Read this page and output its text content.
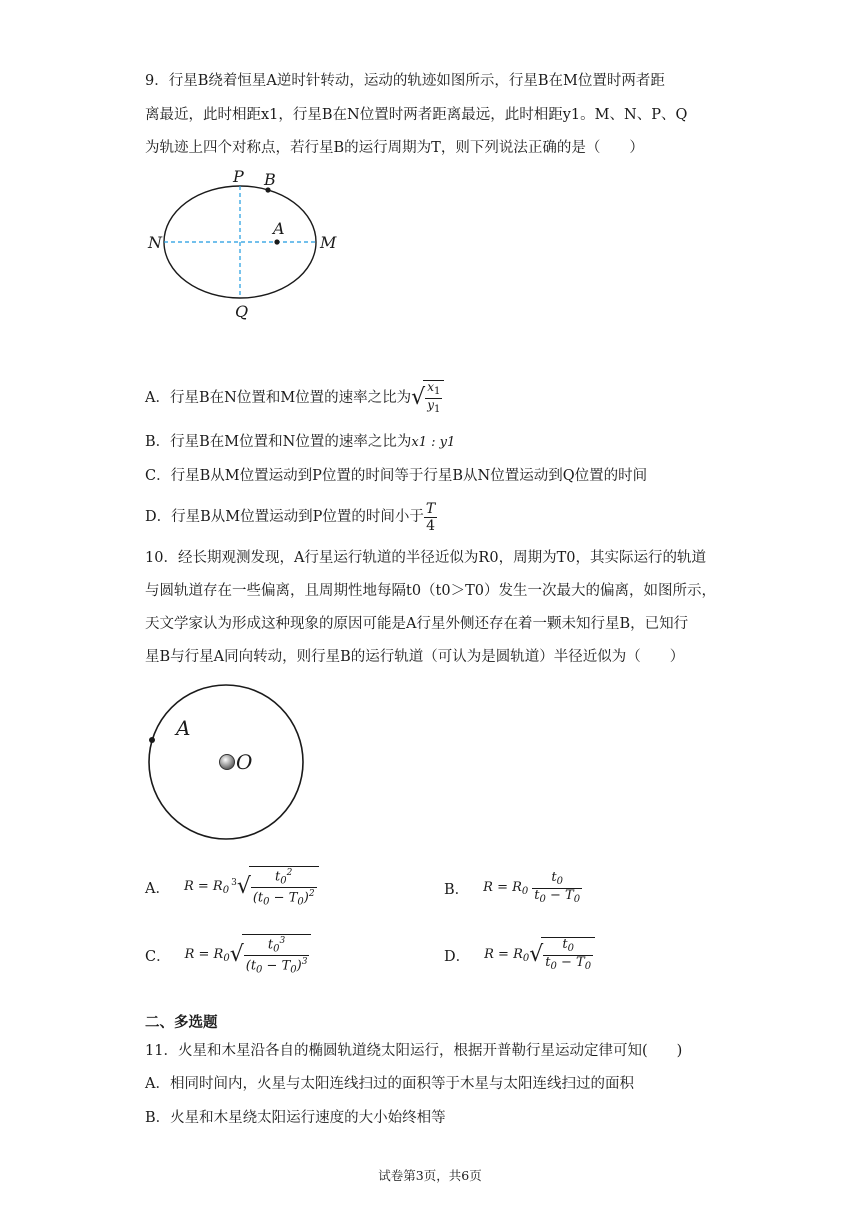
9．行星B绕着恒星A逆时针转动，运动的轨迹如图所示，行星B在M位置时两者距
离最近，此时相距x1，行星B在N位置时两者距离最远，此时相距y1。M、N、P、Q
为轨迹上四个对称点，若行星B的运行周期为T，则下列说法正确的是（　　）
P B
A
N	M
Q
A．行星B在N位置和M位置的速率之比为 √ $\frac{x_1}{y_1}$
B．行星B在M位置和N位置的速率之比为x1 : y1
C．行星B从M位置运动到P位置的时间等于行星B从N位置运动到Q位置的时间
D．行星B从M位置运动到P位置的时间小于 $\frac{T}{4}$
10．经长期观测发现，A行星运行轨道的半径近似为R0，周期为T0，其实际运行的轨道
与圆轨道存在一些偏离，且周期性地每隔t0（t0＞T0）发生一次最大的偏离，如图所示，
天文学家认为形成这种现象的原因可能是A行星外侧还存在着一颗未知行星B，已知行
星B与行星A同向转动，则行星B的运行轨道（可认为是圆轨道）半径近似为（　　）
A
O
A． $R = R_0$
3 √ $\frac{t_0^2}{(t_0 - T_0)^2}$	B． $R = R_0 \frac{t_0}{t_0 - T_0}$
C． $R = R_0$ √ $\frac{t_0^3}{(t_0 - T_0)^3}$	D． $R = R_0$ √ $\frac{t_0}{t_0 - T_0}$
二、多选题
11．火星和木星沿各自的椭圆轨道绕太阳运行，根据开普勒行星运动定律可知(　　)
A．相同时间内，火星与太阳连线扫过的面积等于木星与太阳连线扫过的面积
B．火星和木星绕太阳运行速度的大小始终相等
试卷第3页，共6页
